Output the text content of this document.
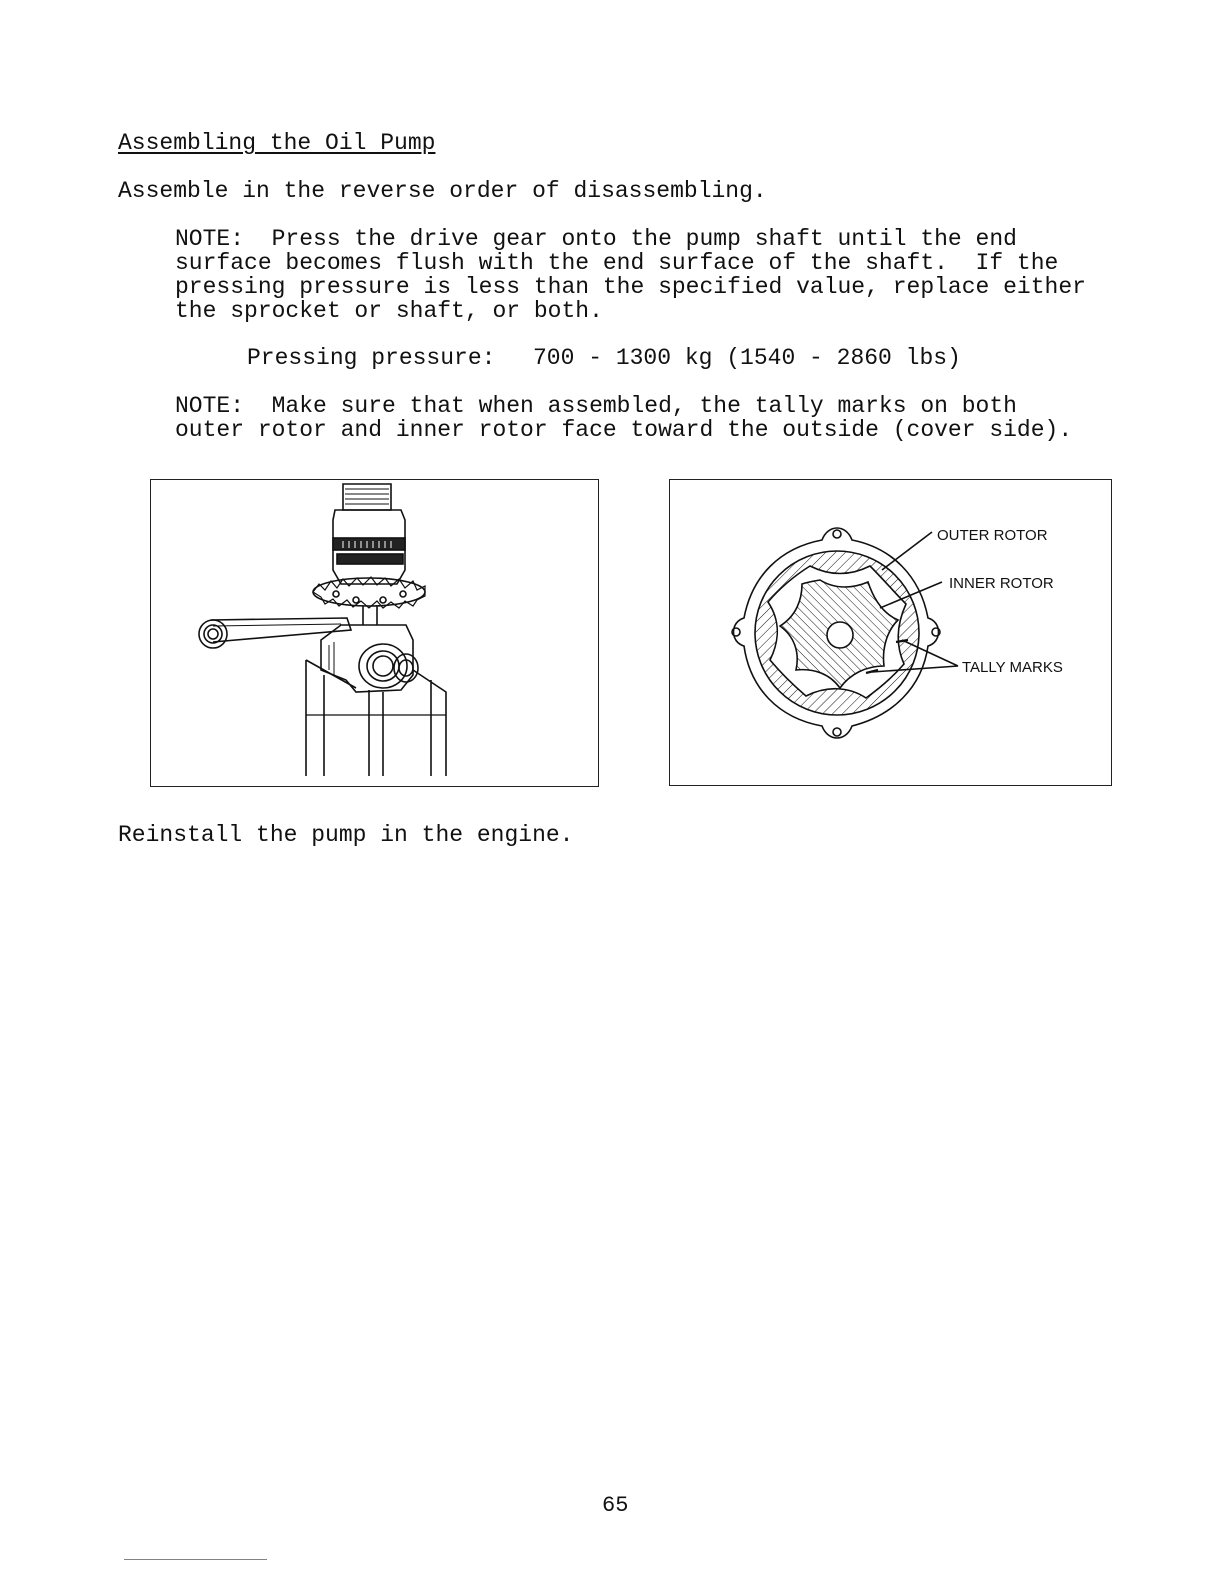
Assembling the Oil Pump
Assemble in the reverse order of disassembling.
NOTE:  Press the drive gear onto the pump shaft until the end
surface becomes flush with the end surface of the shaft.  If the
pressing pressure is less than the specified value, replace either
the sprocket or shaft, or both.
Pressing pressure: 700 - 1300 kg (1540 - 2860 lbs)
NOTE:  Make sure that when assembled, the tally marks on both
outer rotor and inner rotor face toward the outside (cover side).
OUTER ROTOR
INNER ROTOR
TALLY MARKS
Reinstall the pump in the engine.
65
